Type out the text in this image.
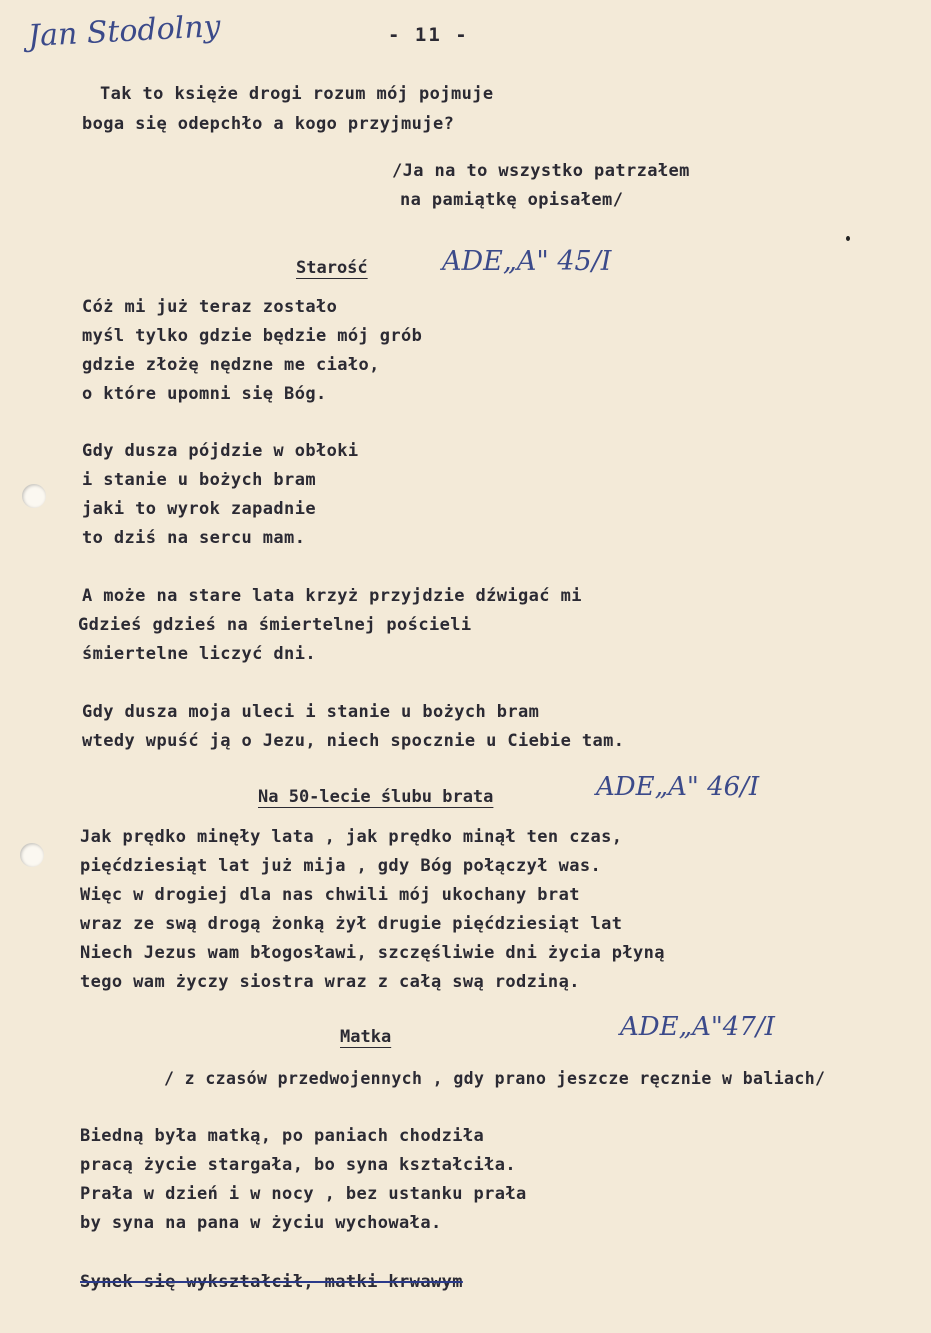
Jan Stodolny	- 11 -
Tak to księże drogi rozum mój pojmuje
boga się odepchło a kogo przyjmuje?
/Ja na to wszystko patrzałem
na pamiątkę opisałem/
Starość	ADE„A" 45/I
Cóż mi już teraz zostało
myśl tylko gdzie będzie mój grób
gdzie złożę nędzne me ciało,
o które upomni się Bóg.
Gdy dusza pójdzie w obłoki
i stanie u bożych bram
jaki to wyrok zapadnie
to dziś na sercu mam.
A może na stare lata krzyż przyjdzie dźwigać mi
Gdzieś gdzieś na śmiertelnej pościeli
śmiertelne liczyć dni.
Gdy dusza moja uleci i stanie u bożych bram
wtedy wpuść ją o Jezu, niech spocznie u Ciebie tam.
Na 50-lecie ślubu brata	ADE„A" 46/I
Jak prędko minęły lata , jak prędko minął ten czas,
pięćdziesiąt lat już mija , gdy Bóg połączył was.
Więc w drogiej dla nas chwili mój ukochany brat
wraz ze swą drogą żonką żył drugie pięćdziesiąt lat
Niech Jezus wam błogosławi, szczęśliwie dni życia płyną
tego wam życzy siostra wraz z całą swą rodziną.
Matka	ADE„A"47/I
/ z czasów przedwojennych , gdy prano jeszcze ręcznie w baliach/
Biedną była matką, po paniach chodziła
pracą życie stargała, bo syna kształciła.
Prała w dzień i w nocy , bez ustanku prała
by syna na pana w życiu wychowała.
Synek się wykształcił, matki krwawym
